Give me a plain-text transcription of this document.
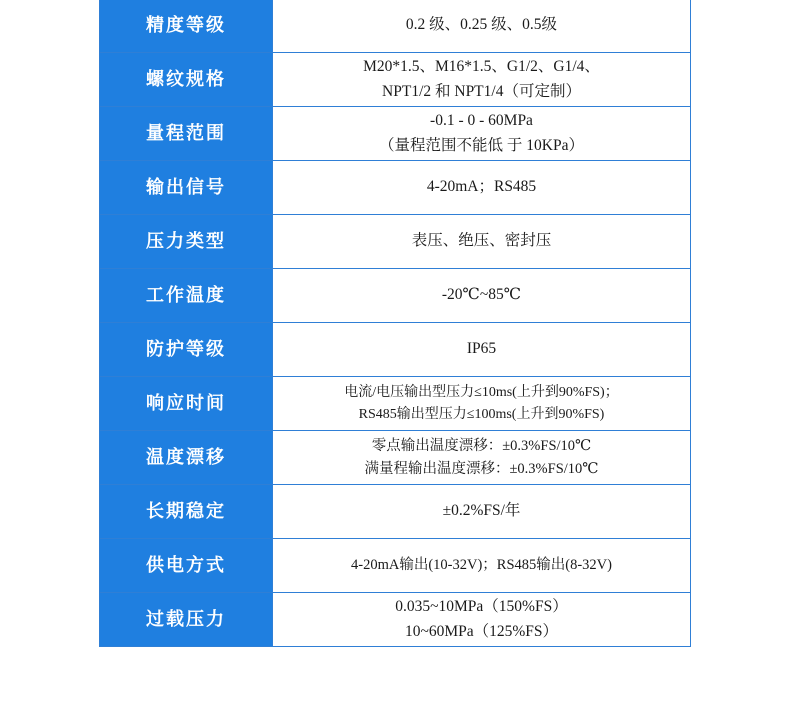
精度等级	0.2 级、0.25 级、0.5级

螺纹规格	M20*1.5、M16*1.5、G1/2、G1/4、
NPT1/2 和 NPT1/4（可定制）

量程范围	-0.1 - 0 - 60MPa
（量程范围不能低 于 10KPa）

输出信号	4-20mA；RS485

压力类型	表压、绝压、密封压

工作温度	-20℃~85℃

防护等级	IP65

响应时间	电流/电压输出型压力≤10ms(上升到90%FS)；
RS485输出型压力≤100ms(上升到90%FS)

温度漂移	零点输出温度漂移：±0.3%FS/10℃
满量程输出温度漂移：±0.3%FS/10℃

长期稳定	±0.2%FS/年

供电方式	4-20mA输出(10-32V)；RS485输出(8-32V)

过载压力	0.035~10MPa（150%FS）
10~60MPa（125%FS）
